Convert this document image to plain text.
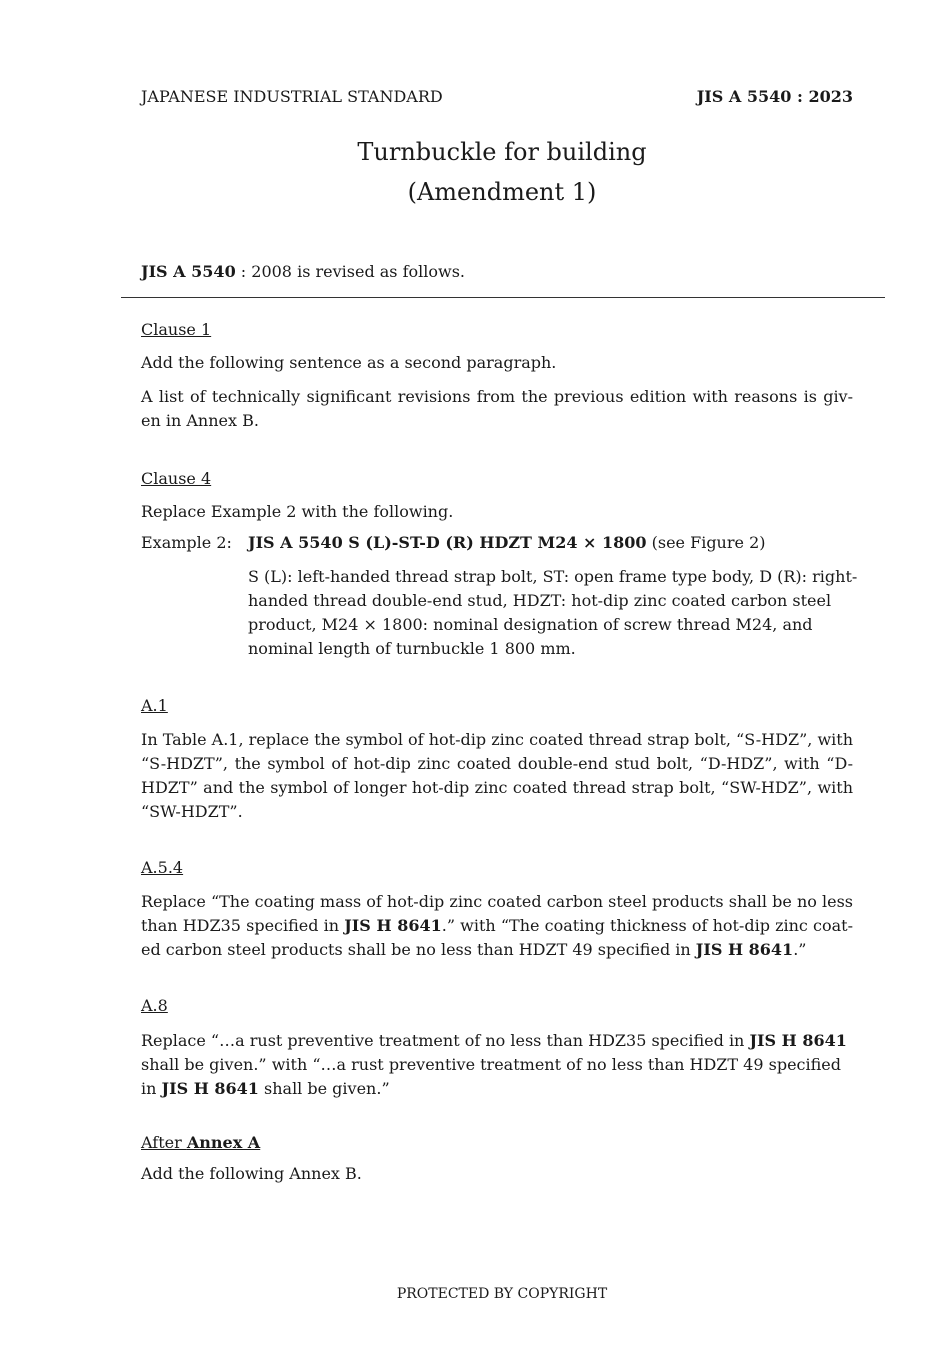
JAPANESE INDUSTRIAL STANDARD	JIS A 5540 : 2023
Turnbuckle for building
(Amendment 1)
JIS A 5540 : 2008 is revised as follows.
Clause 1
Add the following sentence as a second paragraph.
A list of technically significant revisions from the previous edition with reasons is giv-en in Annex B.
Clause 4
Replace Example 2 with the following.
Example 2: JIS A 5540 S (L)-ST-D (R) HDZT M24 × 1800 (see Figure 2)
S (L): left-handed thread strap bolt, ST: open frame type body, D (R): right-handed thread double-end stud, HDZT: hot-dip zinc coated carbon steel product, M24 × 1800: nominal designation of screw thread M24, and nominal length of turnbuckle 1 800 mm.
A.1
In Table A.1, replace the symbol of hot-dip zinc coated thread strap bolt, “S-HDZ”, with “S-HDZT”, the symbol of hot-dip zinc coated double-end stud bolt, “D-HDZ”, with “D-HDZT” and the symbol of longer hot-dip zinc coated thread strap bolt, “SW-HDZ”, with “SW-HDZT”.
A.5.4
Replace “The coating mass of hot-dip zinc coated carbon steel products shall be no less than HDZ35 specified in JIS H 8641.” with “The coating thickness of hot-dip zinc coat-ed carbon steel products shall be no less than HDZT 49 specified in JIS H 8641.”
A.8
Replace “…a rust preventive treatment of no less than HDZ35 specified in JIS H 8641 shall be given.” with “…a rust preventive treatment of no less than HDZT 49 specified in JIS H 8641 shall be given.”
After Annex A
Add the following Annex B.
PROTECTED BY COPYRIGHT
